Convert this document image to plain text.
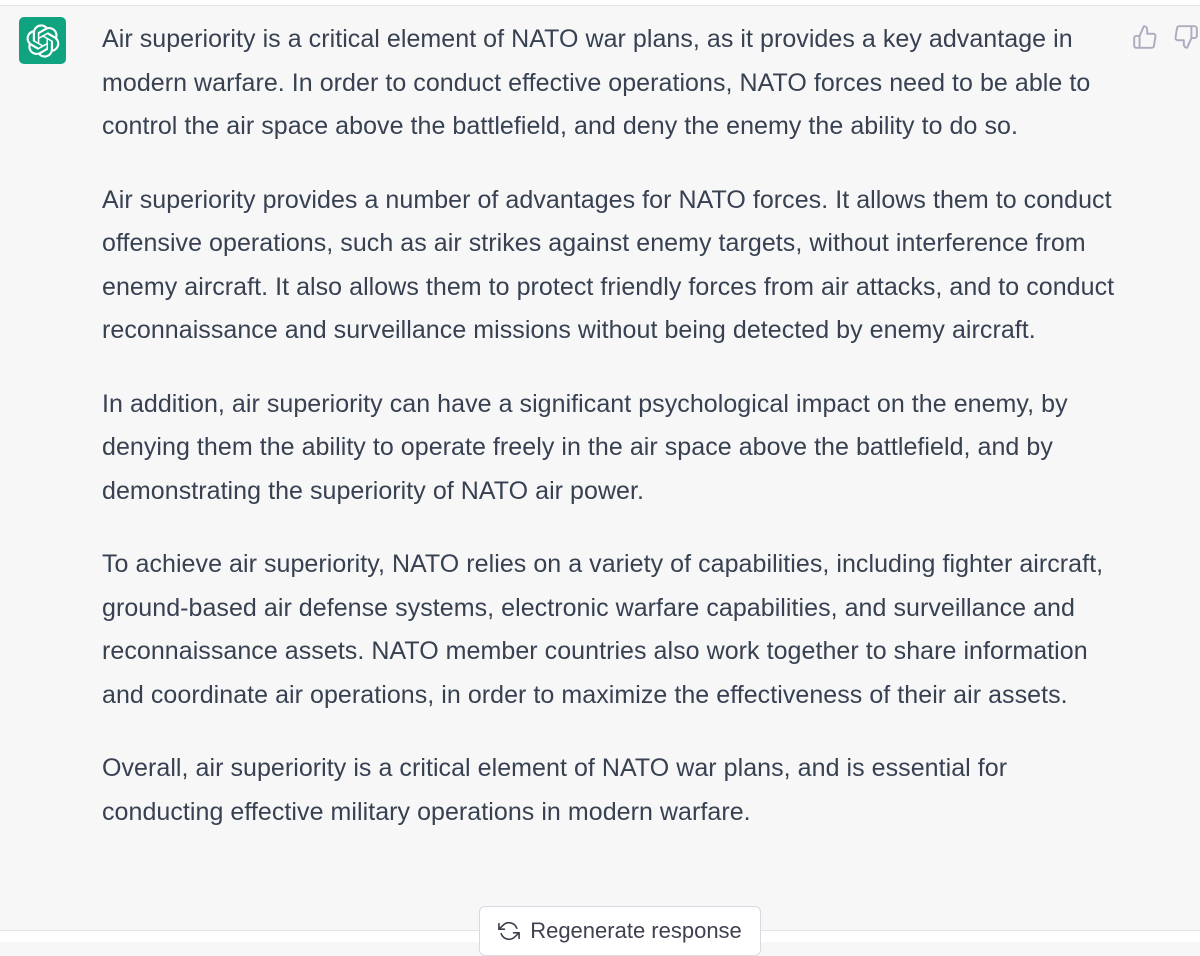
Air superiority is a critical element of NATO war plans, as it provides a key advantage in modern warfare. In order to conduct effective operations, NATO forces need to be able to control the air space above the battlefield, and deny the enemy the ability to do so.

Air superiority provides a number of advantages for NATO forces. It allows them to conduct offensive operations, such as air strikes against enemy targets, without interference from enemy aircraft. It also allows them to protect friendly forces from air attacks, and to conduct reconnaissance and surveillance missions without being detected by enemy aircraft.

In addition, air superiority can have a significant psychological impact on the enemy, by denying them the ability to operate freely in the air space above the battlefield, and by demonstrating the superiority of NATO air power.

To achieve air superiority, NATO relies on a variety of capabilities, including fighter aircraft, ground-based air defense systems, electronic warfare capabilities, and surveillance and reconnaissance assets. NATO member countries also work together to share information and coordinate air operations, in order to maximize the effectiveness of their air assets.

Overall, air superiority is a critical element of NATO war plans, and is essential for conducting effective military operations in modern warfare.

Regenerate response
